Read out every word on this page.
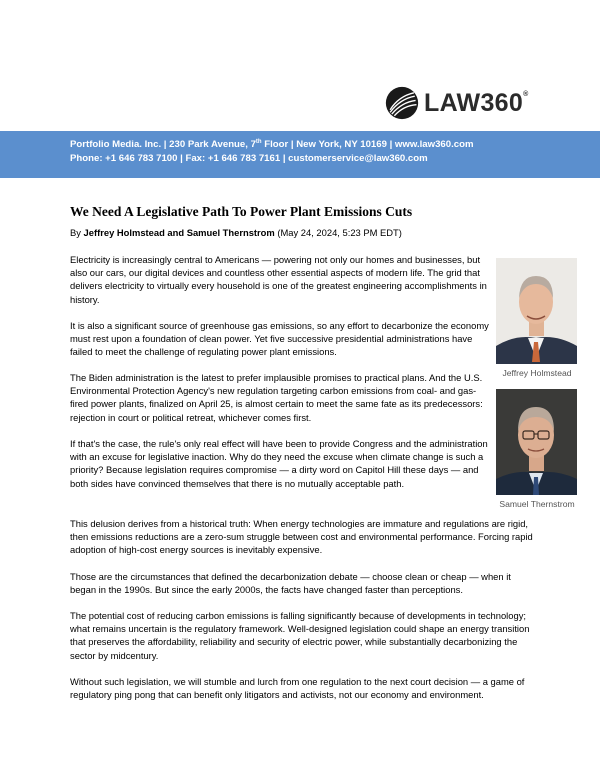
LAW360®
Portfolio Media. Inc. | 230 Park Avenue, 7th Floor | New York, NY 10169 | www.law360.com
Phone: +1 646 783 7100 | Fax: +1 646 783 7161 | customerservice@law360.com
We Need A Legislative Path To Power Plant Emissions Cuts
By Jeffrey Holmstead and Samuel Thernstrom (May 24, 2024, 5:23 PM EDT)

Electricity is increasingly central to Americans — powering not only our homes and businesses, but also our cars, our digital devices and countless other essential aspects of modern life. The grid that delivers electricity to virtually every household is one of the greatest engineering accomplishments in history.

It is also a significant source of greenhouse gas emissions, so any effort to decarbonize the economy must rest upon a foundation of clean power. Yet five successive presidential administrations have failed to meet the challenge of regulating power plant emissions.

The Biden administration is the latest to prefer implausible promises to practical plans. And the U.S. Environmental Protection Agency's new regulation targeting carbon emissions from coal- and gas-fired power plants, finalized on April 25, is almost certain to meet the same fate as its predecessors: rejection in court or political retreat, whichever comes first.

If that's the case, the rule's only real effect will have been to provide Congress and the administration with an excuse for legislative inaction. Why do they need the excuse when climate change is such a priority? Because legislation requires compromise — a dirty word on Capitol Hill these days — and both sides have convinced themselves that there is no mutually acceptable path.

This delusion derives from a historical truth: When energy technologies are immature and regulations are rigid, then emissions reductions are a zero-sum struggle between cost and environmental performance. Forcing rapid adoption of high-cost energy sources is inevitably expensive.

Those are the circumstances that defined the decarbonization debate — choose clean or cheap — when it began in the 1990s. But since the early 2000s, the facts have changed faster than perceptions.

The potential cost of reducing carbon emissions is falling significantly because of developments in technology; what remains uncertain is the regulatory framework. Well-designed legislation could shape an energy transition that preserves the affordability, reliability and security of electric power, while substantially decarbonizing the sector by midcentury.

Without such legislation, we will stumble and lurch from one regulation to the next court decision — a game of regulatory ping pong that can benefit only litigators and activists, not our economy and environment.

Jeffrey Holmstead
Samuel Thernstrom
